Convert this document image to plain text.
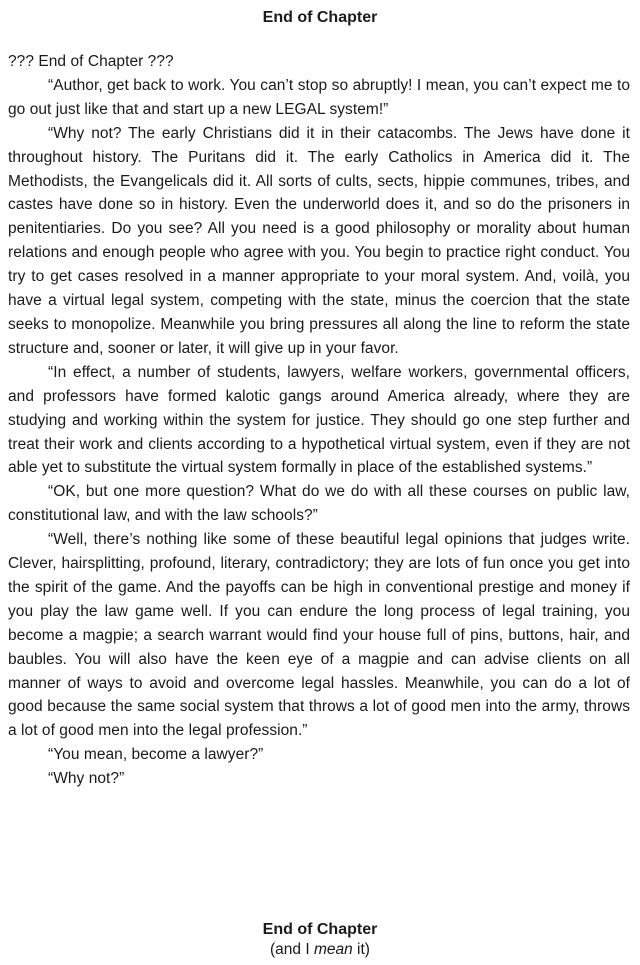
End of Chapter

??? End of Chapter ???

“Author, get back to work. You can’t stop so abruptly! I mean, you can’t expect me to go out just like that and start up a new LEGAL system!”

“Why not? The early Christians did it in their catacombs. The Jews have done it throughout history. The Puritans did it. The early Catholics in America did it. The Methodists, the Evangelicals did it. All sorts of cults, sects, hippie communes, tribes, and castes have done so in history. Even the underworld does it, and so do the prisoners in penitentiaries. Do you see? All you need is a good philosophy or morality about human relations and enough people who agree with you. You begin to practice right conduct. You try to get cases resolved in a manner appropriate to your moral system. And, voilà, you have a virtual legal system, competing with the state, minus the coercion that the state seeks to monopolize. Meanwhile you bring pressures all along the line to reform the state structure and, sooner or later, it will give up in your favor.

“In effect, a number of students, lawyers, welfare workers, governmental officers, and professors have formed kalotic gangs around America already, where they are studying and working within the system for justice. They should go one step further and treat their work and clients according to a hypothetical virtual system, even if they are not able yet to substitute the virtual system formally in place of the established systems.”

“OK, but one more question? What do we do with all these courses on public law, constitutional law, and with the law schools?”

“Well, there’s nothing like some of these beautiful legal opinions that judges write. Clever, hairsplitting, profound, literary, contradictory; they are lots of fun once you get into the spirit of the game. And the payoffs can be high in conventional prestige and money if you play the law game well. If you can endure the long process of legal training, you become a magpie; a search warrant would find your house full of pins, buttons, hair, and baubles. You will also have the keen eye of a magpie and can advise clients on all manner of ways to avoid and overcome legal hassles. Meanwhile, you can do a lot of good because the same social system that throws a lot of good men into the army, throws a lot of good men into the legal profession.”

“You mean, become a lawyer?”

“Why not?”

End of Chapter
(and I mean it)
